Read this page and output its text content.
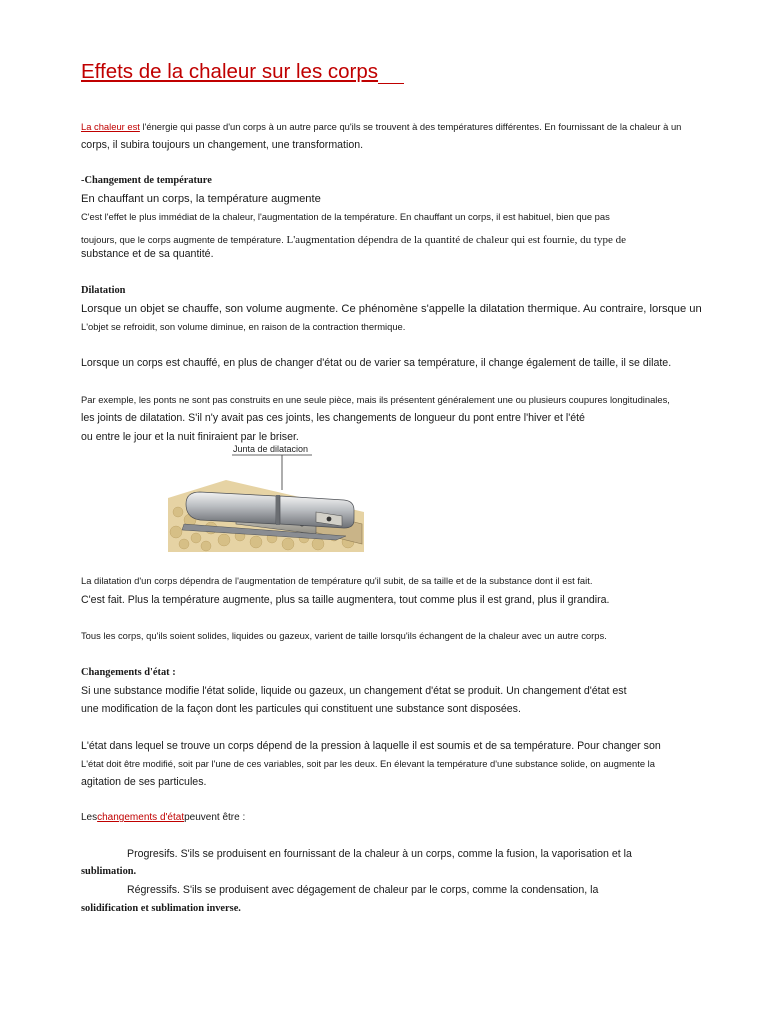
Effets de la chaleur sur les corps
La chaleur est l'énergie qui passe d'un corps à un autre parce qu'ils se trouvent à des températures différentes. En fournissant de la chaleur à un
corps, il subira toujours un changement, une transformation.
-Changement de température
En chauffant un corps, la température augmente
C'est l'effet le plus immédiat de la chaleur, l'augmentation de la température. En chauffant un corps, il est habituel, bien que pas
toujours, que le corps augmente de température. L'augmentation dépendra de la quantité de chaleur qui est fournie, du type de
substance et de sa quantité.
Dilatation
Lorsque un objet se chauffe, son volume augmente. Ce phénomène s'appelle la dilatation thermique. Au contraire, lorsque un
L'objet se refroidit, son volume diminue, en raison de la contraction thermique.
Lorsque un corps est chauffé, en plus de changer d'état ou de varier sa température, il change également de taille, il se dilate.
Par exemple, les ponts ne sont pas construits en une seule pièce, mais ils présentent généralement une ou plusieurs coupures longitudinales,
les joints de dilatation. S'il n'y avait pas ces joints, les changements de longueur du pont entre l'hiver et l'été
ou entre le jour et la nuit finiraient par le briser.
Junta de dilatacion
La dilatation d'un corps dépendra de l'augmentation de température qu'il subit, de sa taille et de la substance dont il est fait.
C'est fait. Plus la température augmente, plus sa taille augmentera, tout comme plus il est grand, plus il grandira.
Tous les corps, qu'ils soient solides, liquides ou gazeux, varient de taille lorsqu'ils échangent de la chaleur avec un autre corps.
Changements d'état :
Si une substance modifie l'état solide, liquide ou gazeux, un changement d'état se produit. Un changement d'état est
une modification de la façon dont les particules qui constituent une substance sont disposées.
L'état dans lequel se trouve un corps dépend de la pression à laquelle il est soumis et de sa température. Pour changer son
L'état doit être modifié, soit par l'une de ces variables, soit par les deux. En élevant la température d'une substance solide, on augmente la
agitation de ses particules.
Leschangements d'étatpeuvent être :
Progresifs. S'ils se produisent en fournissant de la chaleur à un corps, comme la fusion, la vaporisation et la
sublimation.
Régressifs. S'ils se produisent avec dégagement de chaleur par le corps, comme la condensation, la
solidification et sublimation inverse.
